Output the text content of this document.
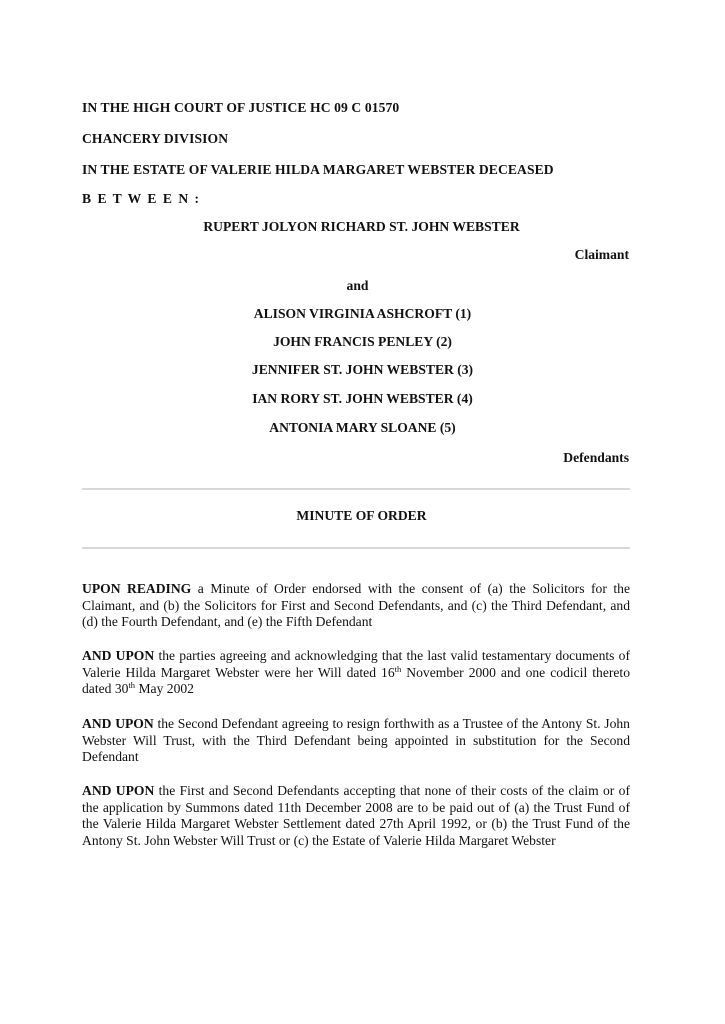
IN THE HIGH COURT OF JUSTICE HC 09 C 01570
CHANCERY DIVISION
IN THE ESTATE OF VALERIE HILDA MARGARET WEBSTER DECEASED
B E T W E E N :
RUPERT JOLYON RICHARD ST. JOHN WEBSTER
Claimant
and
ALISON VIRGINIA ASHCROFT (1)
JOHN FRANCIS PENLEY (2)
JENNIFER ST. JOHN WEBSTER (3)
IAN RORY ST. JOHN WEBSTER (4)
ANTONIA MARY SLOANE (5)
Defendants
MINUTE OF ORDER
UPON READING a Minute of Order endorsed with the consent of (a) the Solicitors for the Claimant, and (b) the Solicitors for First and Second Defendants, and (c) the Third Defendant, and (d) the Fourth Defendant, and (e) the Fifth Defendant
AND UPON the parties agreeing and acknowledging that the last valid testamentary documents of Valerie Hilda Margaret Webster were her Will dated 16th November 2000 and one codicil thereto dated 30th May 2002
AND UPON the Second Defendant agreeing to resign forthwith as a Trustee of the Antony St. John Webster Will Trust, with the Third Defendant being appointed in substitution for the Second Defendant
AND UPON the First and Second Defendants accepting that none of their costs of the claim or of the application by Summons dated 11th December 2008 are to be paid out of (a) the Trust Fund of the Valerie Hilda Margaret Webster Settlement dated 27th April 1992, or (b) the Trust Fund of the Antony St. John Webster Will Trust or (c) the Estate of Valerie Hilda Margaret Webster
